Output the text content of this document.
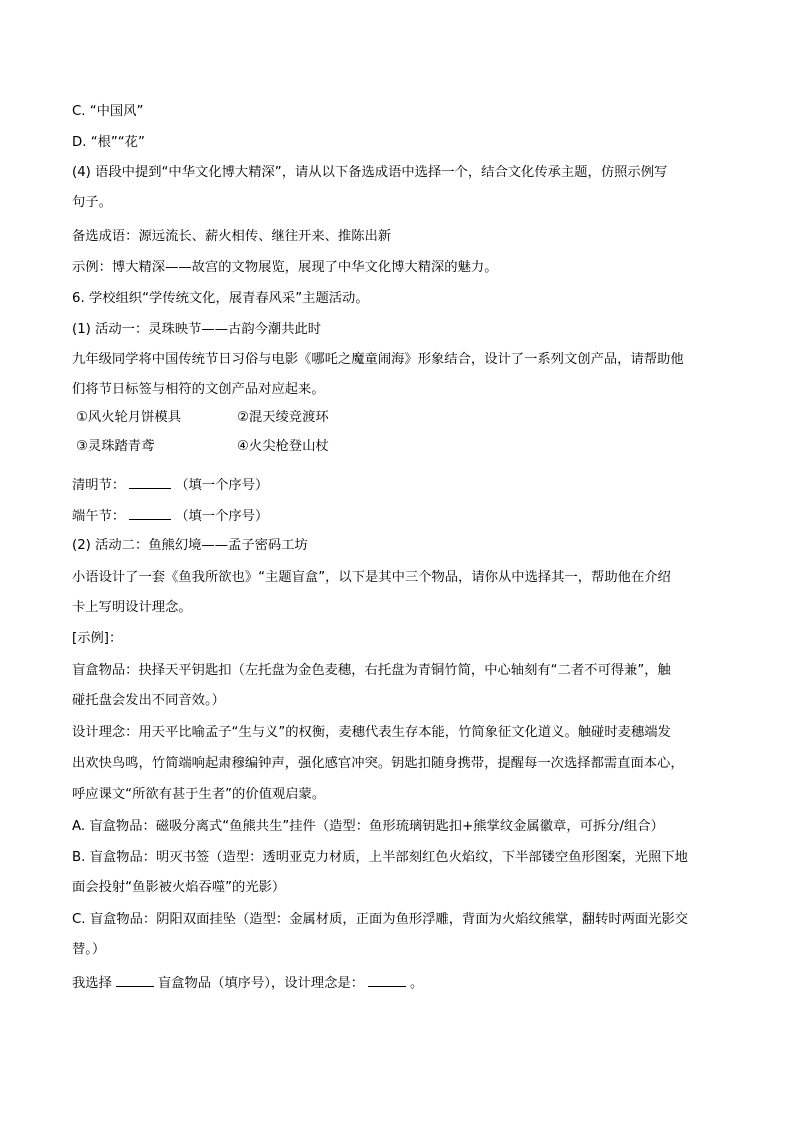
C. “中国风”
D. “根”“花”
(4) 语段中提到“中华文化博大精深”，请从以下备选成语中选择一个，结合文化传承主题，仿照示例写
句子。
备选成语：源远流长、薪火相传、继往开来、推陈出新
示例：博大精深——故宫的文物展览，展现了中华文化博大精深的魅力。
6. 学校组织“学传统文化，展青春风采”主题活动。
(1) 活动一：灵珠映节——古韵今潮共此时
九年级同学将中国传统节日习俗与电影《哪吒之魔童闹海》形象结合，设计了一系列文创产品，请帮助他
们将节日标签与相符的文创产品对应起来。
①风火轮月饼模具	②混天绫竞渡环
③灵珠踏青鸢	④火尖枪登山杖
清明节：	（填一个序号）
端午节：	（填一个序号）
(2) 活动二：鱼熊幻境——孟子密码工坊
小语设计了一套《鱼我所欲也》“主题盲盒”，以下是其中三个物品，请你从中选择其一，帮助他在介绍
卡上写明设计理念。
[示例]：
盲盒物品：抉择天平钥匙扣（左托盘为金色麦穗，右托盘为青铜竹简，中心轴刻有“二者不可得兼”，触
碰托盘会发出不同音效。）
设计理念：用天平比喻孟子“生与义”的权衡，麦穗代表生存本能，竹简象征文化道义。触碰时麦穗端发
出欢快鸟鸣，竹简端响起肃穆编钟声，强化感官冲突。钥匙扣随身携带，提醒每一次选择都需直面本心，
呼应课文“所欲有甚于生者”的价值观启蒙。
A. 盲盒物品：磁吸分离式“鱼熊共生”挂件（造型：鱼形琉璃钥匙扣+熊掌纹金属徽章，可拆分/组合）
B. 盲盒物品：明灭书签（造型：透明亚克力材质，上半部刻红色火焰纹，下半部镂空鱼形图案，光照下地
面会投射“鱼影被火焰吞噬”的光影）
C. 盲盒物品：阴阳双面挂坠（造型：金属材质，正面为鱼形浮雕，背面为火焰纹熊掌，翻转时两面光影交
替。）
我选择	盲盒物品（填序号），设计理念是：	。
